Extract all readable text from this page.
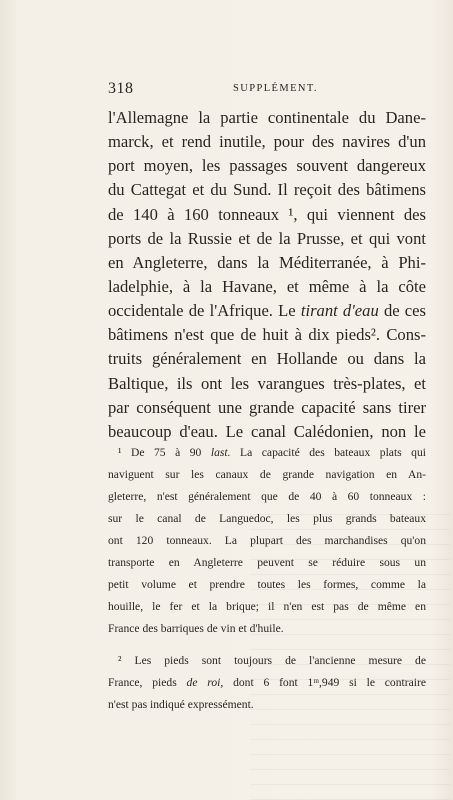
318	SUPPLÉMENT.
l'Allemagne la partie continentale du Dane-
marck, et rend inutile, pour des navires d'un
port moyen, les passages souvent dangereux
du Cattegat et du Sund. Il reçoit des bâtimens
de 140 à 160 tonneaux ¹, qui viennent des
ports de la Russie et de la Prusse, et qui vont
en Angleterre, dans la Méditerranée, à Phi-
ladelphie, à la Havane, et même à la côte
occidentale de l'Afrique. Le tirant d'eau de ces
bâtimens n'est que de huit à dix pieds². Cons-
truits généralement en Hollande ou dans la
Baltique, ils ont les varangues très-plates, et
par conséquent une grande capacité sans tirer
beaucoup d'eau. Le canal Calédonien, non le
¹ De 75 à 90 last. La capacité des bateaux plats qui
naviguent sur les canaux de grande navigation en An-
gleterre, n'est généralement que de 40 à 60 tonneaux :
sur le canal de Languedoc, les plus grands bateaux
ont 120 tonneaux. La plupart des marchandises qu'on
transporte en Angleterre peuvent se réduire sous un
petit volume et prendre toutes les formes, comme la
houille, le fer et la brique; il n'en est pas de même en
France des barriques de vin et d'huile.
² Les pieds sont toujours de l'ancienne mesure de
France, pieds de roi, dont 6 font 1ᵐ,949 si le contraire
n'est pas indiqué expressément.
